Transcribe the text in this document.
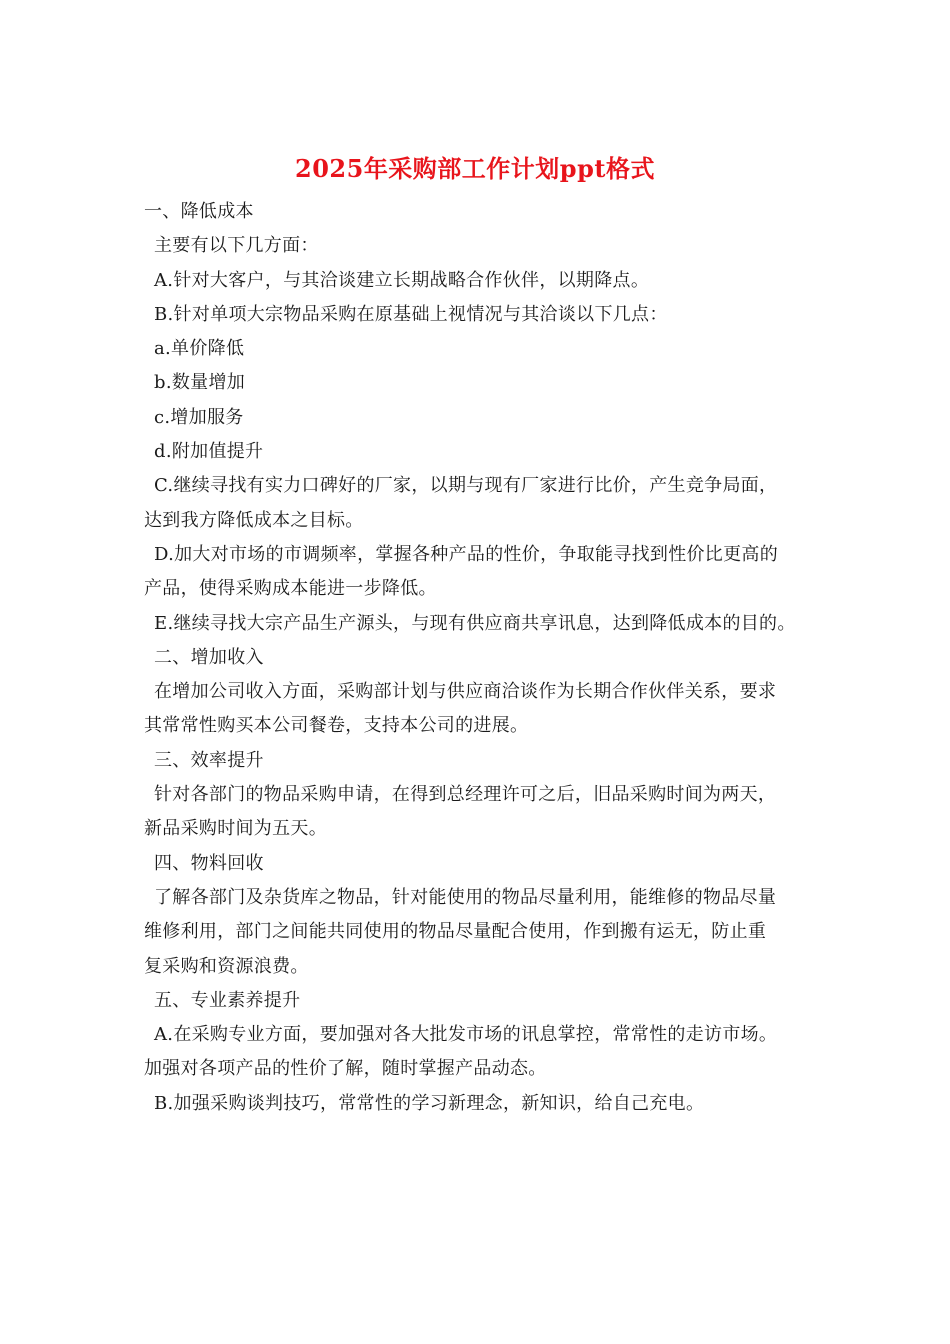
2025年采购部工作计划ppt格式
一、降低成本
主要有以下几方面：
A.针对大客户，与其洽谈建立长期战略合作伙伴，以期降点。
B.针对单项大宗物品采购在原基础上视情况与其洽谈以下几点：
a.单价降低
b.数量增加
c.增加服务
d.附加值提升
C.继续寻找有实力口碑好的厂家，以期与现有厂家进行比价，产生竞争局面，
达到我方降低成本之目标。
D.加大对市场的市调频率，掌握各种产品的性价，争取能寻找到性价比更高的
产品，使得采购成本能进一步降低。
E.继续寻找大宗产品生产源头，与现有供应商共享讯息，达到降低成本的目的。
二、增加收入
在增加公司收入方面，采购部计划与供应商洽谈作为长期合作伙伴关系，要求
其常常性购买本公司餐卷，支持本公司的进展。
三、效率提升
针对各部门的物品采购申请，在得到总经理许可之后，旧品采购时间为两天，
新品采购时间为五天。
四、物料回收
了解各部门及杂货库之物品，针对能使用的物品尽量利用，能维修的物品尽量
维修利用，部门之间能共同使用的物品尽量配合使用，作到搬有运无，防止重
复采购和资源浪费。
五、专业素养提升
A.在采购专业方面，要加强对各大批发市场的讯息掌控，常常性的走访市场。
加强对各项产品的性价了解，随时掌握产品动态。
B.加强采购谈判技巧，常常性的学习新理念，新知识，给自己充电。
